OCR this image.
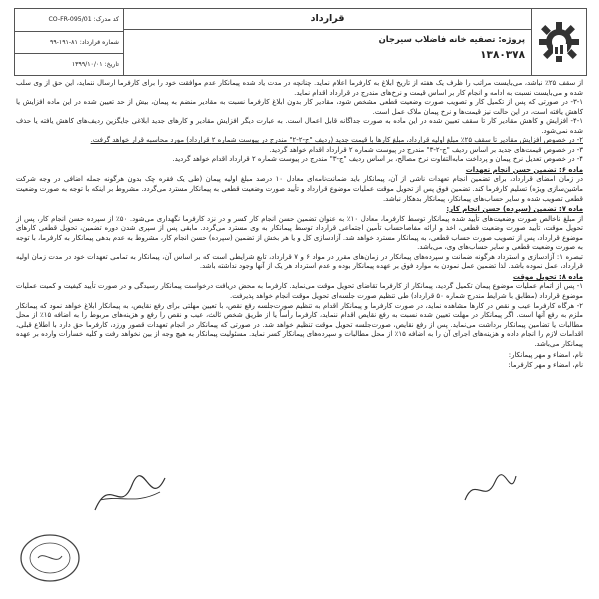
کد مدرک: CO-FR-095/01
شماره قرارداد: ۸۱-۱۹۱-۹۹
تاریخ: ۱۳۹۹/۱۰/۰۱
قرارداد
پروژه: تصفیه خانه فاضلاب سیرجان
۱۳۸۰۳۷۸

از سقف ۲۵٪ نباشد، می‌بایست مراتب را ظرف یک هفته از تاریخ ابلاغ به کارفرما اعلام نماید. چنانچه در مدت یاد شده پیمانکار عدم موافقت خود را برای کارفرما ارسال ننماید، این حق از وی سلب شده و می‌بایست نسبت به ادامه و انجام کار بر اساس قیمت و نرخ‌های مندرج در قرارداد اقدام نماید.

۳-۱- در صورتی که پس از تکمیل کار و تصویب صورت وضعیت قطعی مشخص شود، مقادیر کار بدون ابلاغ کارفرما نسبت به مقادیر منضم به پیمان، بیش از حد تعیین شده در این ماده افزایش یا کاهش یافته است، در این حالت نیز قیمت‌ها و نرخ پیمان ملاک عمل است.

۴-۱- افزایش و کاهش مقادیر کار تا سقف تعیین شده در این ماده به صورت جداگانه قابل اعمال است. به عبارت دیگر افزایش مقادیر و کارهای جدید ابلاغی جایگزین ردیف‌های کاهش یافته یا حذف شده نمی‌شود.

۲- در خصوص افزایش مقادیر تا سقف ۲۵٪ مبلغ اولیه قرارداد، مبلغ کارها با قیمت جدید (ردیف "ج-۲-۲" مندرج در پیوست شماره ۲ قرارداد) مورد محاسبه قرار خواهد گرفت.

۳- در خصوص قیمت‌های جدید بر اساس ردیف "ج-۲-۳" مندرج در پیوست شماره ۲ قرارداد اقدام خواهد گردید.

۴- در خصوص تعدیل نرخ پیمان و پرداخت مابه‌التفاوت نرخ مصالح، بر اساس ردیف "ج-۳" مندرج در پیوست شماره ۲ قرارداد اقدام خواهد گردید.

ماده ۶: تضمین حسن انجام تعهدات

در زمان امضای قرارداد، برای تضمین انجام تعهدات ناشی از آن، پیمانکار باید ضمانت‌نامه‌ای معادل ۱۰ درصد مبلغ اولیه پیمان (طی یک فقره چک بدون هرگونه جمله اضافی در وجه شرکت ماشین‌سازی ویژه) تسلیم کارفرما کند. تضمین فوق پس از تحویل موقت عملیات موضوع قرارداد و تأیید صورت وضعیت قطعی به پیمانکار مسترد می‌گردد. مشروط بر اینکه با توجه به صورت وضعیت قطعی تصویب شده و سایر حساب‌های پیمانکار، پیمانکار بدهکار نباشد.

ماده ۷: تضمین (سپرده) حسن انجام کار:

از مبلغ ناخالص صورت وضعیت‌های تأیید شده پیمانکار توسط کارفرما، معادل ۱۰٪ به عنوان تضمین حسن انجام کار کسر و در نزد کارفرما نگهداری می‌شود. ۵۰٪ از سپرده حسن انجام کار، پس از تحویل موقت، تأیید صورت وضعیت قطعی، اخذ و ارائه مفاصاحساب تأمین اجتماعی قرارداد توسط پیمانکار به وی مسترد می‌گردد. مابقی پس از سپری شدن دوره تضمین، تحویل قطعی کارهای موضوع قرارداد، پس از تصویب صورت حساب قطعی، به پیمانکار مسترد خواهد شد. آزادسازی کل و یا هر بخش از تضمین (سپرده) حسن انجام کار، مشروط به عدم بدهی پیمانکار به کارفرما، با توجه به صورت وضعیت قطعی و سایر حساب‌های وی، می‌باشد.

تبصره ۱: آزادسازی و استرداد هرگونه ضمانت و سپرده‌های پیمانکار در زمان‌های مقرر در مواد ۶ و ۷ قرارداد، تابع شرایطی است که بر اساس آن، پیمانکار به تمامی تعهدات خود در مدت زمان اولیه قرارداد، عمل نموده باشد. لذا تضمین عمل نمودن به موارد فوق بر عهده پیمانکار بوده و عدم استرداد هر یک از آنها وجود نداشته باشد.

ماده ۸: تحویل موقت

۱- پس از اتمام عملیات موضوع پیمان تکمیل گردید، پیمانکار از کارفرما تقاضای تحویل موقت می‌نماید. کارفرما به محض دریافت درخواست پیمانکار رسیدگی و در صورت تأیید کیفیت و کمیت عملیات موضوع قرارداد (مطابق با شرایط مندرج شماره ۵۰ قرارداد) طی تنظیم صورت جلسه‌ای تحویل موقت انجام خواهد پذیرفت.

۲- هرگاه کارفرما عیب و نقص در کارها مشاهده نماید، در صورت کارفرما و پیمانکار اقدام به تنظیم صورت‌جلسه رفع نقص، با تعیین مهلتی برای رفع نقایص، به پیمانکار ابلاغ خواهد نمود که پیمانکار ملزم به رفع آنها است. اگر پیمانکار در مهلت تعیین شده نسبت به رفع نقایص اقدام ننماید، کارفرما رأساً یا از طریق شخص ثالث، عیب و نقص را رفع و هزینه‌های مربوط را به اضافه ۱۵٪ از محل مطالبات یا تضامین پیمانکار برداشت می‌نماید. پس از رفع نقایص، صورت‌جلسه تحویل موقت تنظیم خواهد شد. در صورتی که پیمانکار در انجام تعهدات قصور ورزد، کارفرما حق دارد با اطلاع قبلی، اقدامات لازم را انجام داده و هزینه‌های اجرای آن را به اضافه ۱۵٪ از محل مطالبات و سپرده‌های پیمانکار کسر نماید. مسئولیت پیمانکار به هیچ وجه از بین نخواهد رفت و کلیه خسارات وارده بر عهده پیمانکار می‌باشد.

نام، امضاء و مهر پیمانکار:

نام، امضاء و مهر کارفرما:
